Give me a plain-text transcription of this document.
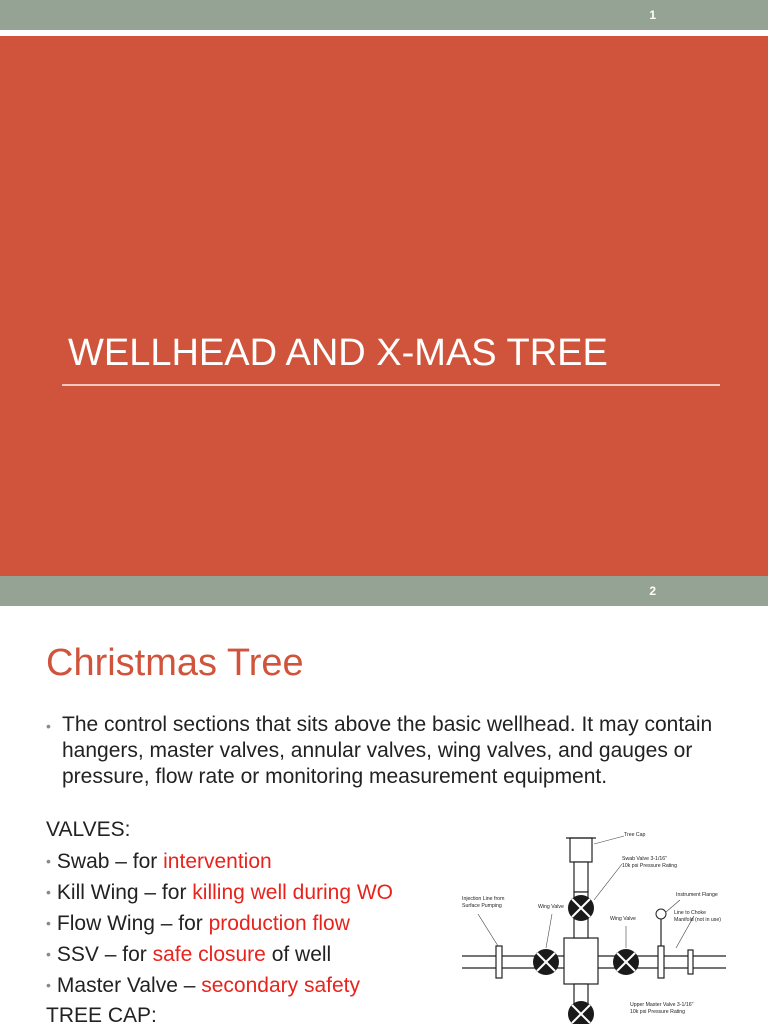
1
WELLHEAD AND X-MAS TREE
2
Christmas Tree
• The control sections that sits above the basic wellhead. It may contain hangers, master valves, annular valves, wing valves, and gauges or pressure, flow rate or monitoring measurement equipment.
VALVES:
• Swab – for intervention
• Kill Wing – for killing well during WO
• Flow Wing – for production flow
• SSV – for safe closure of well
• Master Valve – secondary safety
TREE CAP:
Tree Cap
Swab Valve 3-1/16"
10k psi Pressure Rating
Instrument Flange
Injection Line from
Surface Pumping	Wing Valve
Wing Valve
Line to Choke
Manifold (not in use)
Upper Master Valve 3-1/16"
10k psi Pressure Rating
